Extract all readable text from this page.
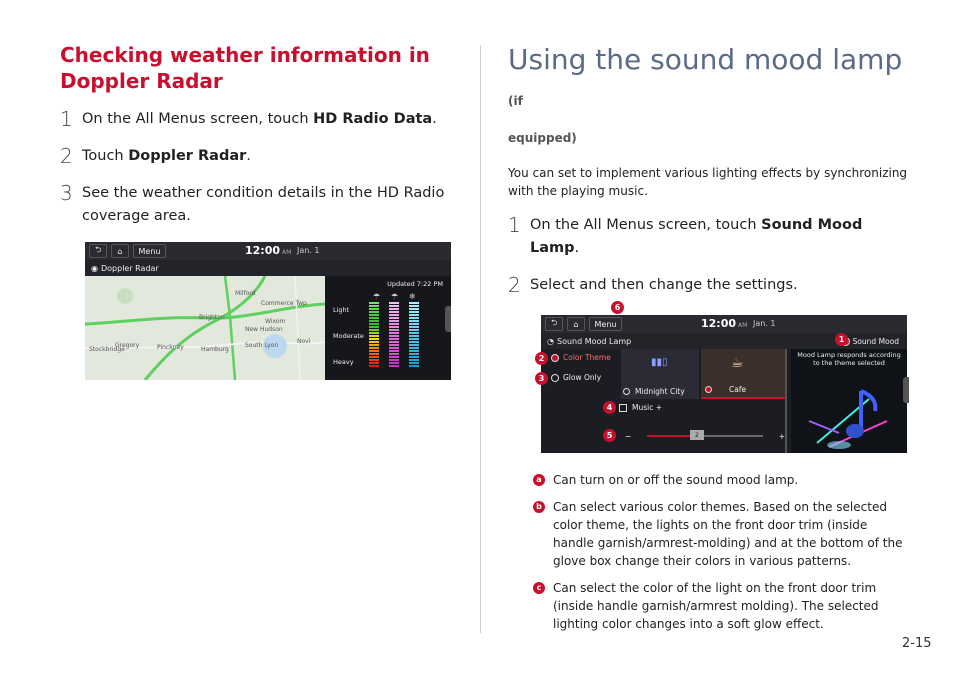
Checking weather information in Doppler Radar
1 On the All Menus screen, touch HD Radio Data.
2 Touch Doppler Radar.
3 See the weather condition details in the HD Radio coverage area.
⮌ ⌂	Menu	12:00 AM Jan. 1
◉ Doppler Radar
Milford
Commerce Twp
Brighton
Wixom
New Hudson
Gregory	Pinckney	Hamburg
South Lyon
Stockbridge
Novi
Updated 7:22 PM
☂ ☂ ❄
Light
Moderate
Heavy
Using the sound mood lamp (if
equipped)

You can set to implement various lighting effects by synchronizing with the playing music.

1 On the All Menus screen, touch Sound Mood Lamp.
2 Select and then change the settings.
⮌ ⌂	Menu	12:00 AM Jan. 1
◔ Sound Mood Lamp	Sound Mood
Color Theme
Glow Only
▮▮▯
Midnight City
☕
Cafe
Music +
−	2	+
Mood Lamp responds according to the theme selected
1
2
3
4
5
6
a Can turn on or off the sound mood lamp.
b Can select various color themes. Based on the selected color theme, the lights on the front door trim (inside handle garnish/armrest-molding) and at the bottom of the glove box change their colors in various patterns.
c Can select the color of the light on the front door trim (inside handle garnish/armrest molding). The selected lighting color changes into a soft glow effect.
2-15
